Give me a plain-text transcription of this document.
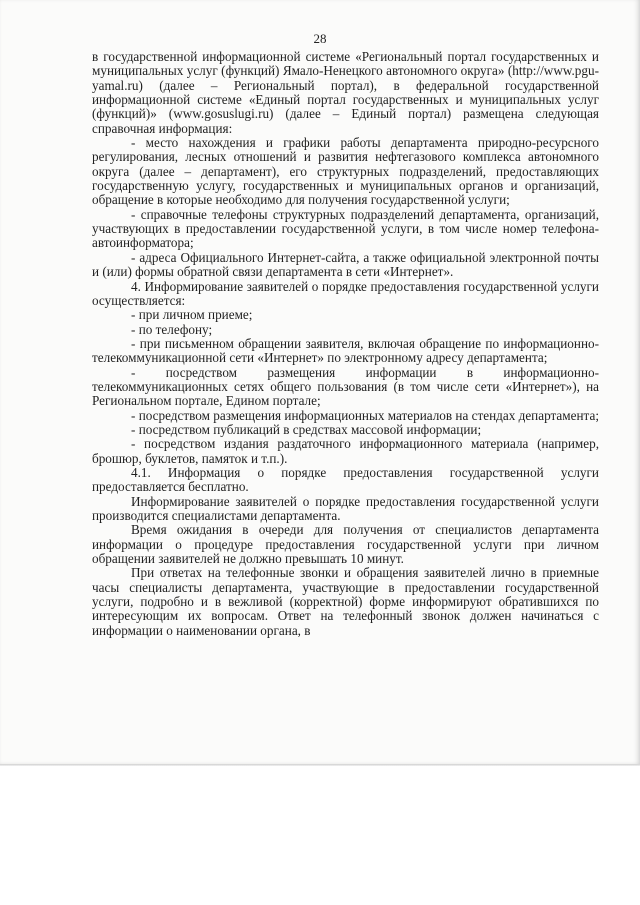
28

в государственной информационной системе «Региональный портал государственных и муниципальных услуг (функций) Ямало-Ненецкого автономного округа» (http://www.pgu-yamal.ru) (далее – Региональный портал), в федеральной государственной информационной системе «Единый портал государственных и муниципальных услуг (функций)» (www.gosuslugi.ru) (далее – Единый портал) размещена следующая справочная информация:

- место нахождения и графики работы департамента природно-ресурсного регулирования, лесных отношений и развития нефтегазового комплекса автономного округа (далее – департамент), его структурных подразделений, предоставляющих государственную услугу, государственных и муниципальных органов и организаций, обращение в которые необходимо для получения государственной услуги;

- справочные телефоны структурных подразделений департамента, организаций, участвующих в предоставлении государственной услуги, в том числе номер телефона-автоинформатора;

- адреса Официального Интернет-сайта, а также официальной электронной почты и (или) формы обратной связи департамента в сети «Интернет».

4. Информирование заявителей о порядке предоставления государственной услуги осуществляется:

- при личном приеме;

- по телефону;

- при письменном обращении заявителя, включая обращение по информационно-телекоммуникационной сети «Интернет» по электронному адресу департамента;

- посредством размещения информации в информационно-телекоммуникационных сетях общего пользования (в том числе сети «Интернет»), на Региональном портале, Едином портале;

- посредством размещения информационных материалов на стендах департамента;

- посредством публикаций в средствах массовой информации;

- посредством издания раздаточного информационного материала (например, брошюр, буклетов, памяток и т.п.).

4.1. Информация о порядке предоставления государственной услуги предоставляется бесплатно.

Информирование заявителей о порядке предоставления государственной услуги производится специалистами департамента.

Время ожидания в очереди для получения от специалистов департамента информации о процедуре предоставления государственной услуги при личном обращении заявителей не должно превышать 10 минут.

При ответах на телефонные звонки и обращения заявителей лично в приемные часы специалисты департамента, участвующие в предоставлении государственной услуги, подробно и в вежливой (корректной) форме информируют обратившихся по интересующим их вопросам. Ответ на телефонный звонок должен начинаться с информации о наименовании органа, в
